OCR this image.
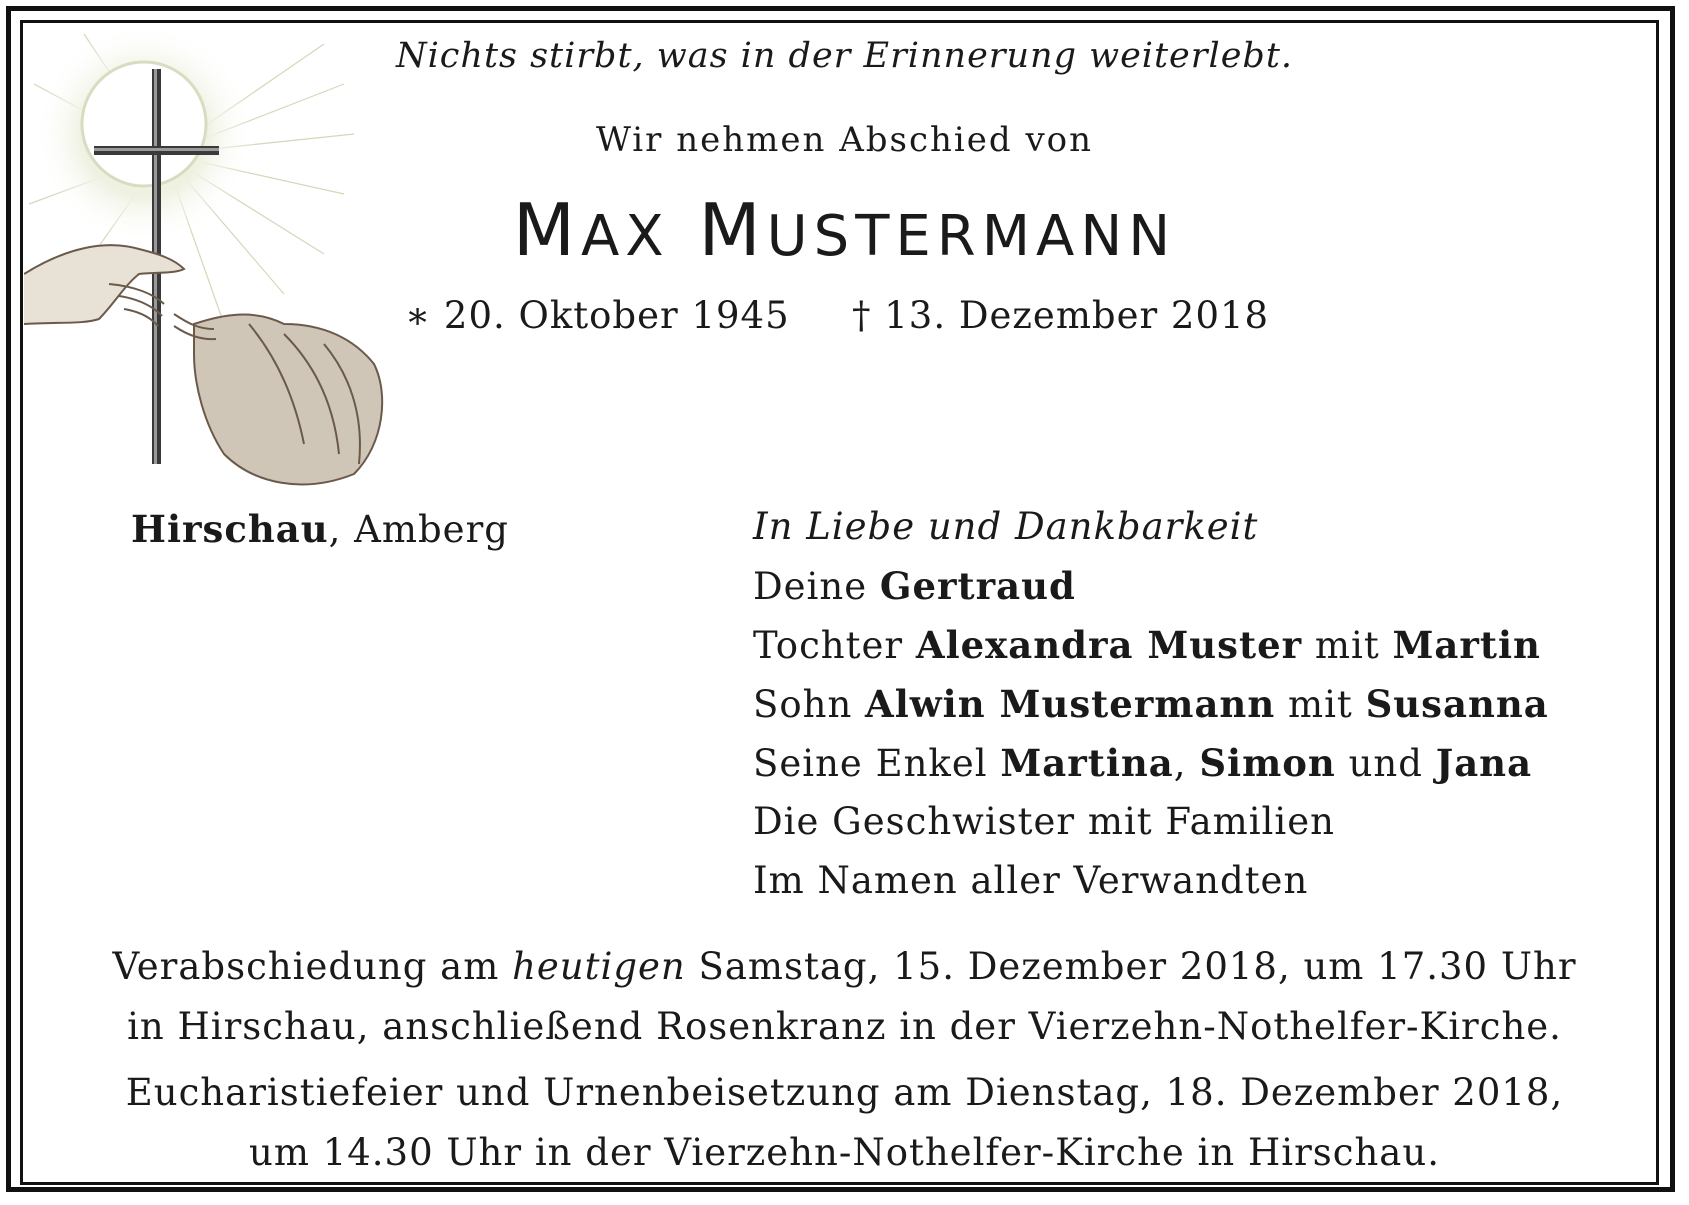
Nichts stirbt, was in der Erinnerung weiterlebt.
Wir nehmen Abschied von
MAX MUSTERMANN
∗ 20. Oktober 1945 † 13. Dezember 2018
Hirschau, Amberg	In Liebe und Dankbarkeit
Deine Gertraud
Tochter Alexandra Muster mit Martin
Sohn Alwin Mustermann mit Susanna
Seine Enkel Martina, Simon und Jana
Die Geschwister mit Familien
Im Namen aller Verwandten
Verabschiedung am heutigen Samstag, 15. Dezember 2018, um 17.30 Uhr
in Hirschau, anschließend Rosenkranz in der Vierzehn-Nothelfer-Kirche.
Eucharistiefeier und Urnenbeisetzung am Dienstag, 18. Dezember 2018,
um 14.30 Uhr in der Vierzehn-Nothelfer-Kirche in Hirschau.
